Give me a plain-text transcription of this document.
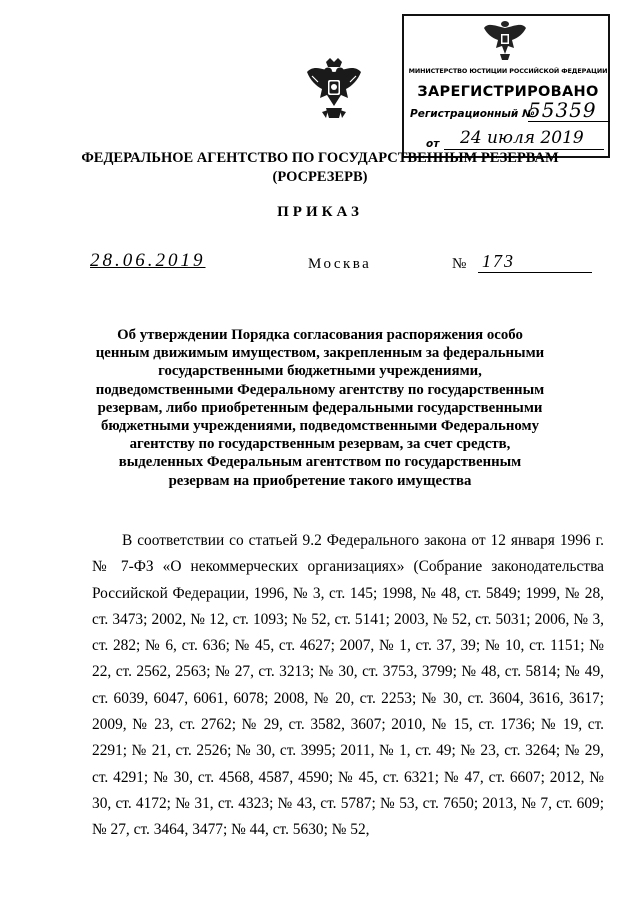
МИНИСТЕРСТВО ЮСТИЦИИ РОССИЙСКОЙ ФЕДЕРАЦИИ
ЗАРЕГИСТРИРОВАНО
Регистрационный №
55359
от	24 июля 2019
ФЕДЕРАЛЬНОЕ АГЕНТСТВО ПО ГОСУДАРСТВЕННЫМ РЕЗЕРВАМ
(РОСРЕЗЕРВ)
ПРИКАЗ
28.06.2019	Москва	№ 173
Об утверждении Порядка согласования распоряжения особо ценным движимым имуществом, закрепленным за федеральными государственными бюджетными учреждениями, подведомственными Федеральному агентству по государственным резервам, либо приобретенным федеральными государственными бюджетными учреждениями, подведомственными Федеральному агентству по государственным резервам, за счет средств, выделенных Федеральным агентством по государственным резервам на приобретение такого имущества
В соответствии со статьей 9.2 Федерального закона от 12 января 1996 г. № 7-ФЗ «О некоммерческих организациях» (Собрание законодательства Российской Федерации, 1996, № 3, ст. 145; 1998, № 48, ст. 5849; 1999, № 28, ст. 3473; 2002, № 12, ст. 1093; № 52, ст. 5141; 2003, № 52, ст. 5031; 2006, № 3, ст. 282; № 6, ст. 636; № 45, ст. 4627; 2007, № 1, ст. 37, 39; № 10, ст. 1151; № 22, ст. 2562, 2563; № 27, ст. 3213; № 30, ст. 3753, 3799; № 48, ст. 5814; № 49, ст. 6039, 6047, 6061, 6078; 2008, № 20, ст. 2253; № 30, ст. 3604, 3616, 3617; 2009, № 23, ст. 2762; № 29, ст. 3582, 3607; 2010, № 15, ст. 1736; № 19, ст. 2291; № 21, ст. 2526; № 30, ст. 3995; 2011, № 1, ст. 49; № 23, ст. 3264; № 29, ст. 4291; № 30, ст. 4568, 4587, 4590; № 45, ст. 6321; № 47, ст. 6607; 2012, № 30, ст. 4172; № 31, ст. 4323; № 43, ст. 5787; № 53, ст. 7650; 2013, № 7, ст. 609; № 27, ст. 3464, 3477; № 44, ст. 5630; № 52,
